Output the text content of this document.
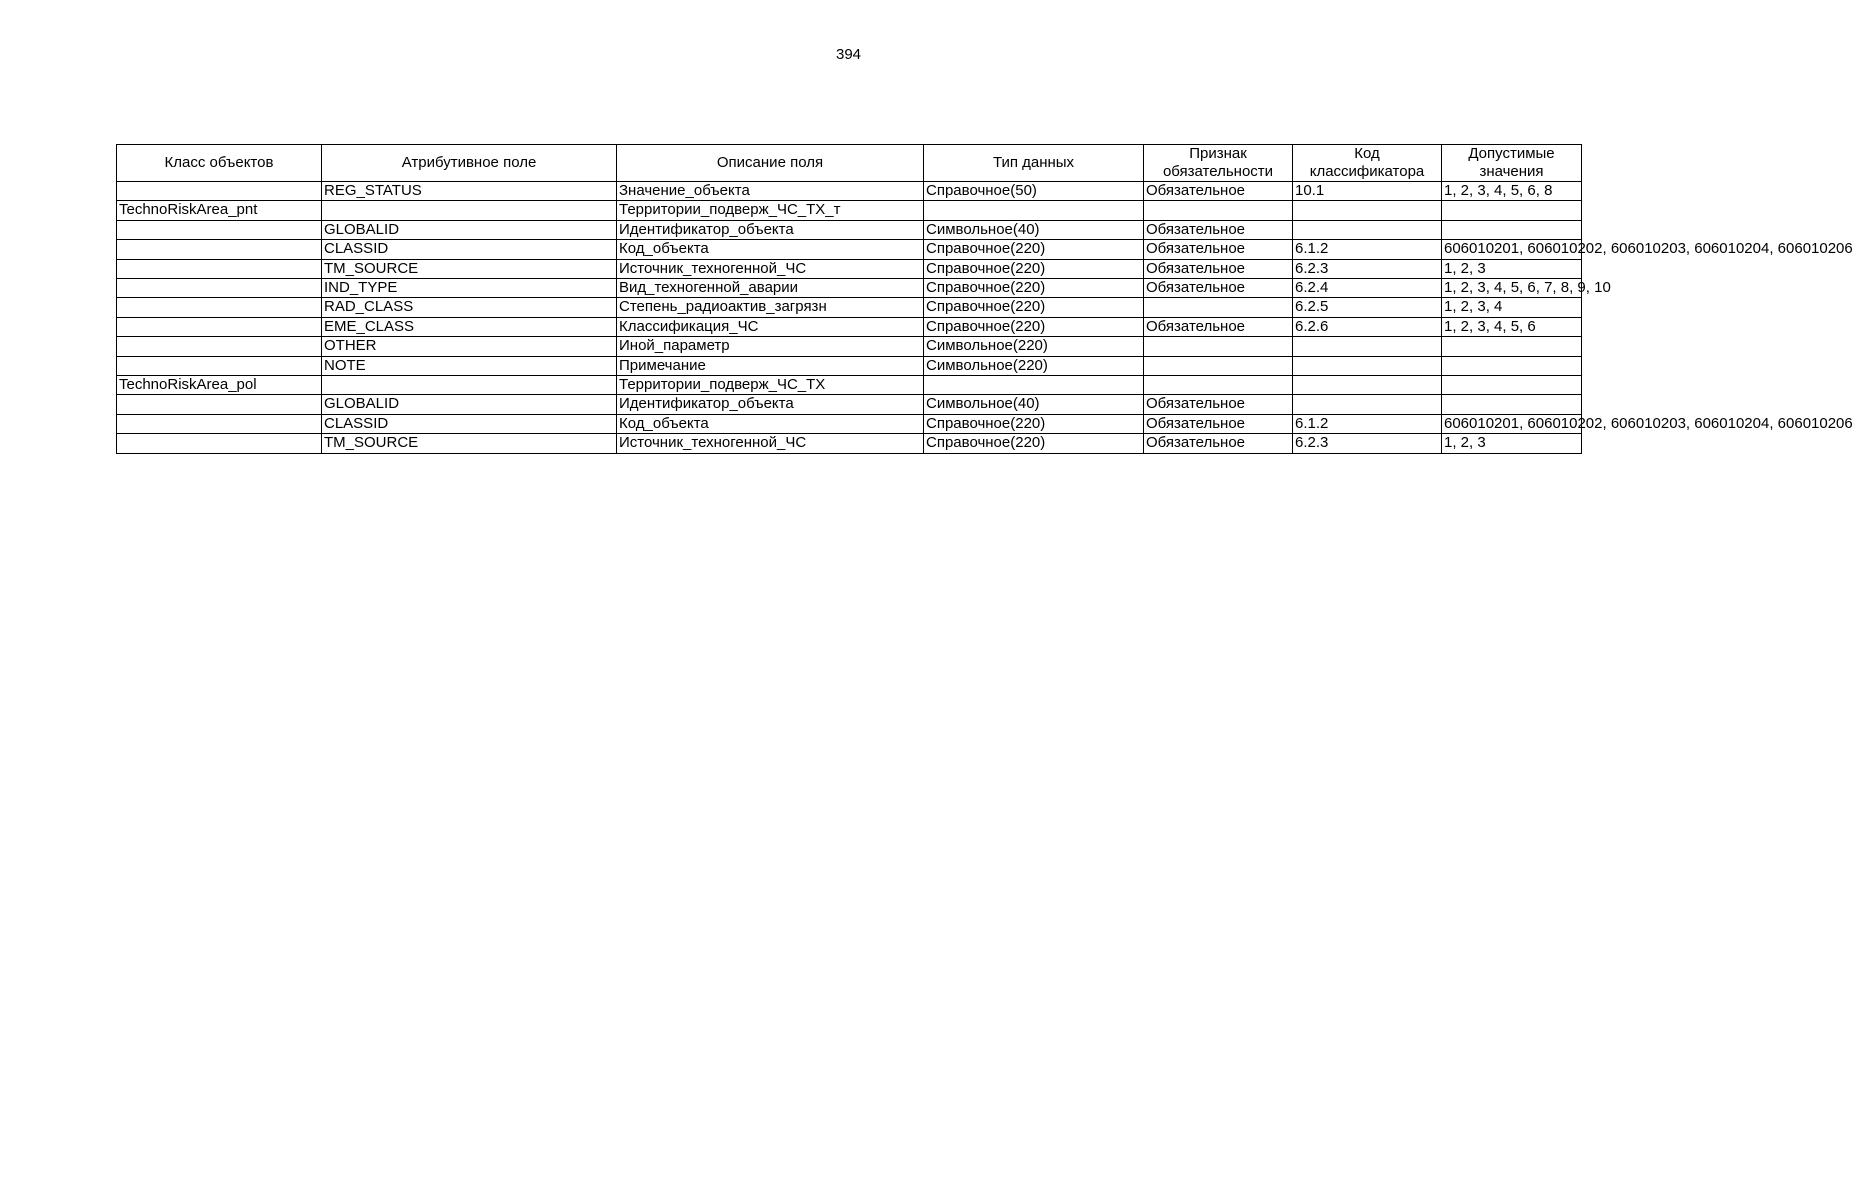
394
Класс объектов	Атрибутивное поле	Описание поля	Тип данных	Признак обязательности	Код классификатора	Допустимые значения
	REG_STATUS	Значение_объекта	Справочное(50)	Обязательное	10.1	1, 2, 3, 4, 5, 6, 8
TechnoRiskArea_pnt		Территории_подверж_ЧС_ТХ_т				
	GLOBALID	Идентификатор_объекта	Символьное(40)	Обязательное		
	CLASSID	Код_объекта	Справочное(220)	Обязательное	6.1.2	606010201, 606010202, 606010203, 606010204, 606010206
	TM_SOURCE	Источник_техногенной_ЧС	Справочное(220)	Обязательное	6.2.3	1, 2, 3
	IND_TYPE	Вид_техногенной_аварии	Справочное(220)	Обязательное	6.2.4	1, 2, 3, 4, 5, 6, 7, 8, 9, 10
	RAD_CLASS	Степень_радиоактив_загрязн	Справочное(220)		6.2.5	1, 2, 3, 4
	EME_CLASS	Классификация_ЧС	Справочное(220)	Обязательное	6.2.6	1, 2, 3, 4, 5, 6
	OTHER	Иной_параметр	Символьное(220)			
	NOTE	Примечание	Символьное(220)			
TechnoRiskArea_pol		Территории_подверж_ЧС_ТХ				
	GLOBALID	Идентификатор_объекта	Символьное(40)	Обязательное		
	CLASSID	Код_объекта	Справочное(220)	Обязательное	6.1.2	606010201, 606010202, 606010203, 606010204, 606010206
	TM_SOURCE	Источник_техногенной_ЧС	Справочное(220)	Обязательное	6.2.3	1, 2, 3
